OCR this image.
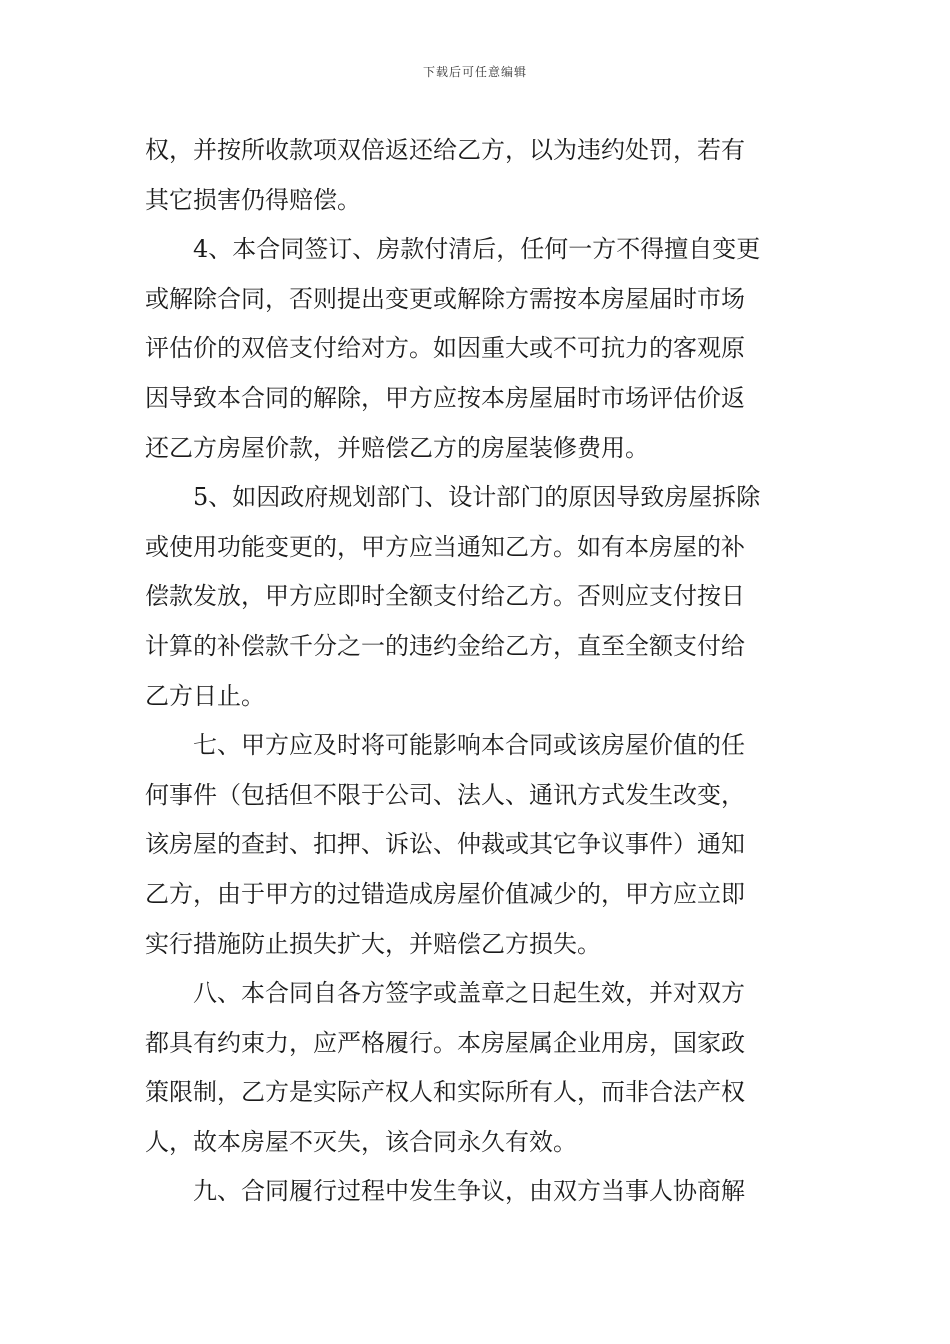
下载后可任意编辑
权，并按所收款项双倍返还给乙方，以为违约处罚，若有
其它损害仍得赔偿。
4、本合同签订、房款付清后，任何一方不得擅自变更
或解除合同，否则提出变更或解除方需按本房屋届时市场
评估价的双倍支付给对方。如因重大或不可抗力的客观原
因导致本合同的解除，甲方应按本房屋届时市场评估价返
还乙方房屋价款，并赔偿乙方的房屋装修费用。
5、如因政府规划部门、设计部门的原因导致房屋拆除
或使用功能变更的，甲方应当通知乙方。如有本房屋的补
偿款发放，甲方应即时全额支付给乙方。否则应支付按日
计算的补偿款千分之一的违约金给乙方，直至全额支付给
乙方日止。
七、甲方应及时将可能影响本合同或该房屋价值的任
何事件（包括但不限于公司、法人、通讯方式发生改变，
该房屋的查封、扣押、诉讼、仲裁或其它争议事件）通知
乙方，由于甲方的过错造成房屋价值减少的，甲方应立即
实行措施防止损失扩大，并赔偿乙方损失。
八、本合同自各方签字或盖章之日起生效，并对双方
都具有约束力，应严格履行。本房屋属企业用房，国家政
策限制，乙方是实际产权人和实际所有人，而非合法产权
人，故本房屋不灭失，该合同永久有效。
九、合同履行过程中发生争议，由双方当事人协商解
